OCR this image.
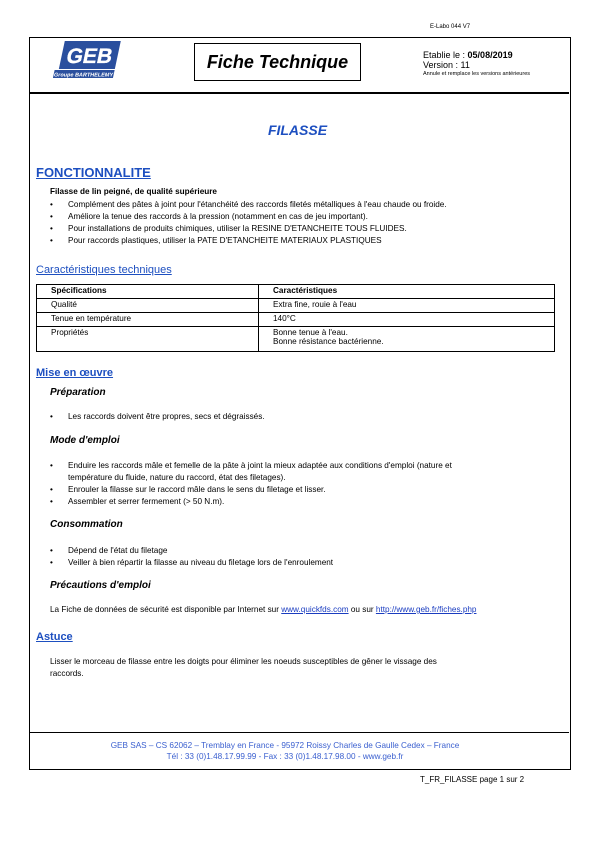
E-Labo 044 V7
GEB
Groupe BARTHELEMY
Fiche Technique	Etablie le : 05/08/2019
Version : 11
Annule et remplace les versions antérieures
FILASSE
FONCTIONNALITE
Filasse de lin peigné, de qualité supérieure
• Complément des pâtes à joint pour l'étanchéité des raccords filetés métalliques à l'eau chaude ou froide.
• Améliore la tenue des raccords à la pression (notamment en cas de jeu important).
• Pour installations de produits chimiques, utiliser la RESINE D'ETANCHEITE TOUS FLUIDES.
• Pour raccords plastiques, utiliser la PATE D'ETANCHEITE MATERIAUX PLASTIQUES
Caractéristiques techniques
Spécifications	Caractéristiques
Qualité	Extra fine, rouie à l'eau
Tenue en température	140°C
Propriétés	Bonne tenue à l'eau.
Bonne résistance bactérienne.
Mise en œuvre
Préparation
• Les raccords doivent être propres, secs et dégraissés.
Mode d'emploi
• Enduire les raccords mâle et femelle de la pâte à joint la mieux adaptée aux conditions d'emploi (nature et
température du fluide, nature du raccord, état des filetages).
• Enrouler la filasse sur le raccord mâle dans le sens du filetage et lisser.
• Assembler et serrer fermement (> 50 N.m).
Consommation
• Dépend de l'état du filetage
• Veiller à bien répartir la filasse au niveau du filetage lors de l'enroulement
Précautions d'emploi
La Fiche de données de sécurité est disponible par Internet sur www.quickfds.com ou sur http://www.geb.fr/fiches.php
Astuce
Lisser le morceau de filasse entre les doigts pour éliminer les noeuds susceptibles de gêner le vissage des
raccords.
GEB SAS – CS 62062 – Tremblay en France - 95972 Roissy Charles de Gaulle Cedex – France
Tél : 33 (0)1.48.17.99.99 - Fax : 33 (0)1.48.17.98.00 - www.geb.fr
T_FR_FILASSE page 1 sur 2
